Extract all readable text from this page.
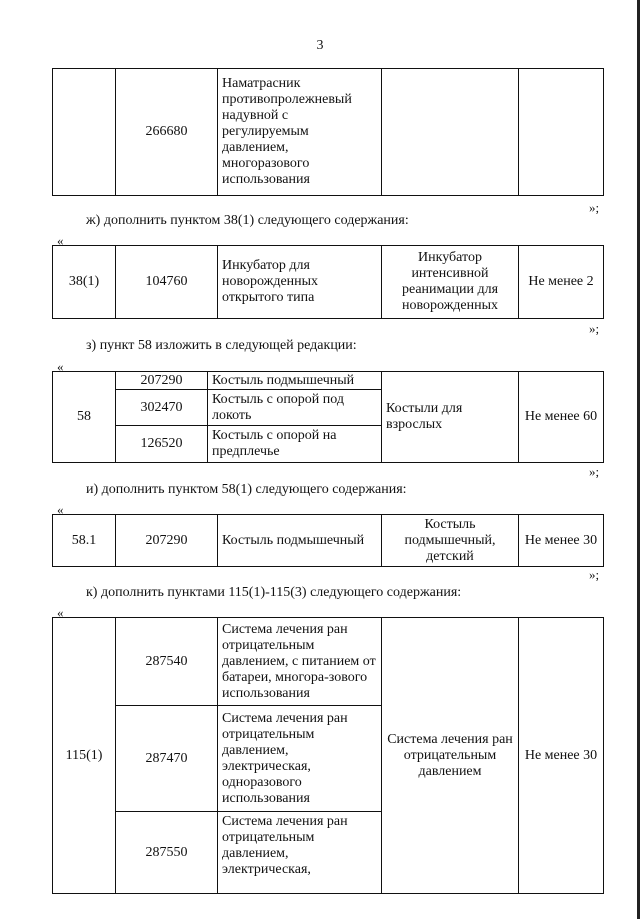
3
	266680	Наматрасник противопролежневый надувной с регулируемым давлением, многоразового использования		
»;
ж) дополнить пунктом 38(1) следующего содержания:
«
38(1)	104760	Инкубатор для новорожденных открытого типа	Инкубатор интенсивной реанимации для новорожденных	Не менее 2
»;
з) пункт 58 изложить в следующей редакции:
«
58	207290	Костыль подмышечный	Костыли для взрослых	Не менее 60
	302470	Костыль с опорой под локоть		
	126520	Костыль с опорой на предплечье		
»;
и) дополнить пунктом 58(1) следующего содержания:
«
58.1	207290	Костыль подмышечный	Костыль подмышечный, детский	Не менее 30
»;
к) дополнить пунктами 115(1)-115(3) следующего содержания:
«
115(1)	287540	Система лечения ран отрицательным давлением, с питанием от батареи, многора-зового использования	Система лечения ран отрицательным давлением	Не менее 30
	287470	Система лечения ран отрицательным давлением, электрическая, одноразового использования		
	287550	Система лечения ран отрицательным давлением, электрическая,		
